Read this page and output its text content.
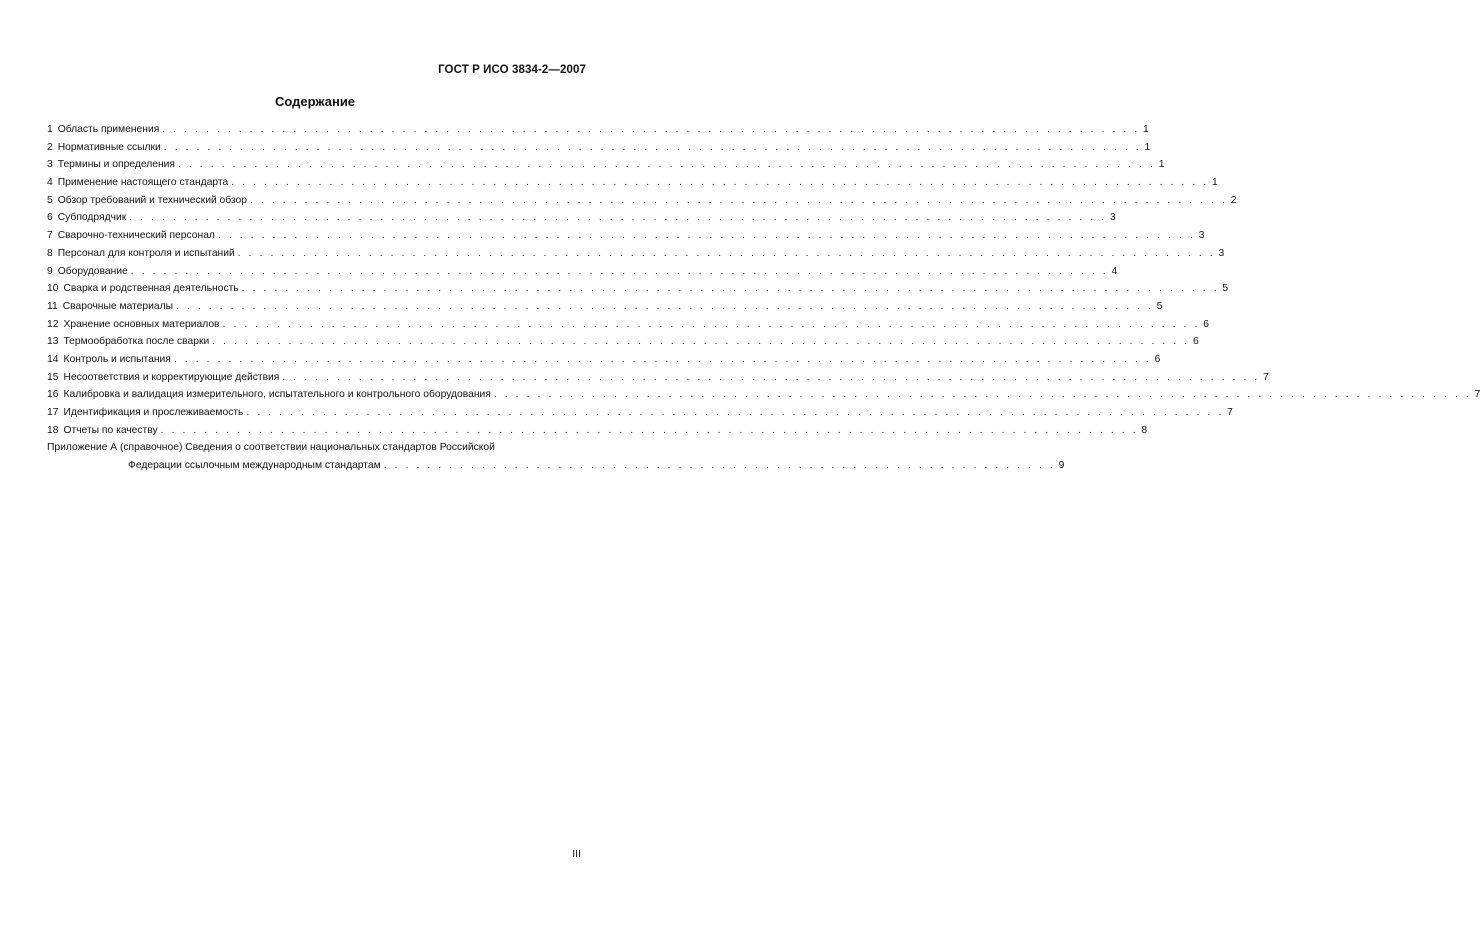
ГОСТ Р ИСО 3834-2—2007
Содержание
1 Область применения . . . . . . . . . . . . . . . . . . . . . . . . . . . . . . . . . . . . . . . . . . . . . . . . . . . . . . . . . . . . . . . . . . . . . . . . . . . . . . . . . . . . . . . . . . 1
2 Нормативные ссылки . . . . . . . . . . . . . . . . . . . . . . . . . . . . . . . . . . . . . . . . . . . . . . . . . . . . . . . . . . . . . . . . . . . . . . . . . . . . . . . . . . . . . . . . . . 1
3 Термины и определения . . . . . . . . . . . . . . . . . . . . . . . . . . . . . . . . . . . . . . . . . . . . . . . . . . . . . . . . . . . . . . . . . . . . . . . . . . . . . . . . . . . . . . . . . . 1
4 Применение настоящего стандарта . . . . . . . . . . . . . . . . . . . . . . . . . . . . . . . . . . . . . . . . . . . . . . . . . . . . . . . . . . . . . . . . . . . . . . . . . . . . . . . . . . . . . . . . . . 1
5 Обзор требований и технический обзор . . . . . . . . . . . . . . . . . . . . . . . . . . . . . . . . . . . . . . . . . . . . . . . . . . . . . . . . . . . . . . . . . . . . . . . . . . . . . . . . . . . . . . . . . . 2
6 Субподрядчик . . . . . . . . . . . . . . . . . . . . . . . . . . . . . . . . . . . . . . . . . . . . . . . . . . . . . . . . . . . . . . . . . . . . . . . . . . . . . . . . . . . . . . . . . . 3
7 Сварочно-технический персонал . . . . . . . . . . . . . . . . . . . . . . . . . . . . . . . . . . . . . . . . . . . . . . . . . . . . . . . . . . . . . . . . . . . . . . . . . . . . . . . . . . . . . . . . . . 3
8 Персонал для контроля и испытаний . . . . . . . . . . . . . . . . . . . . . . . . . . . . . . . . . . . . . . . . . . . . . . . . . . . . . . . . . . . . . . . . . . . . . . . . . . . . . . . . . . . . . . . . . . 3
9 Оборудование . . . . . . . . . . . . . . . . . . . . . . . . . . . . . . . . . . . . . . . . . . . . . . . . . . . . . . . . . . . . . . . . . . . . . . . . . . . . . . . . . . . . . . . . . . 4
10 Сварка и родственная деятельность . . . . . . . . . . . . . . . . . . . . . . . . . . . . . . . . . . . . . . . . . . . . . . . . . . . . . . . . . . . . . . . . . . . . . . . . . . . . . . . . . . . . . . . . . . 5
11 Сварочные материалы . . . . . . . . . . . . . . . . . . . . . . . . . . . . . . . . . . . . . . . . . . . . . . . . . . . . . . . . . . . . . . . . . . . . . . . . . . . . . . . . . . . . . . . . . . 5
12 Хранение основных материалов . . . . . . . . . . . . . . . . . . . . . . . . . . . . . . . . . . . . . . . . . . . . . . . . . . . . . . . . . . . . . . . . . . . . . . . . . . . . . . . . . . . . . . . . . . 6
13 Термообработка после сварки . . . . . . . . . . . . . . . . . . . . . . . . . . . . . . . . . . . . . . . . . . . . . . . . . . . . . . . . . . . . . . . . . . . . . . . . . . . . . . . . . . . . . . . . . . 6
14 Контроль и испытания . . . . . . . . . . . . . . . . . . . . . . . . . . . . . . . . . . . . . . . . . . . . . . . . . . . . . . . . . . . . . . . . . . . . . . . . . . . . . . . . . . . . . . . . . . 6
15 Несоответствия и корректирующие действия . . . . . . . . . . . . . . . . . . . . . . . . . . . . . . . . . . . . . . . . . . . . . . . . . . . . . . . . . . . . . . . . . . . . . . . . . . . . . . . . . . . . . . . . . . 7
16 Калибровка и валидация измерительного, испытательного и контрольного оборудования . . . . . . . . . . . . . . . . . . . . . . . . . . . . . . . . . . . . . . . . . . . . . . . . . . . . . . . . . . . . . . . . . . . . . . . . . . . . . . . . . . . . . . . . . . 7
17 Идентификация и прослеживаемость . . . . . . . . . . . . . . . . . . . . . . . . . . . . . . . . . . . . . . . . . . . . . . . . . . . . . . . . . . . . . . . . . . . . . . . . . . . . . . . . . . . . . . . . . . 7
18 Отчеты по качеству . . . . . . . . . . . . . . . . . . . . . . . . . . . . . . . . . . . . . . . . . . . . . . . . . . . . . . . . . . . . . . . . . . . . . . . . . . . . . . . . . . . . . . . . . . 8
Приложение А (справочное) Сведения о соответствии национальных стандартов Российской
Федерации ссылочным международным стандартам . . . . . . . . . . . . . . . . . . . . . . . . . . . . . . . . . . . . . . . . . . . . . . . . . . . . . . . . . . . . . . 9
III
